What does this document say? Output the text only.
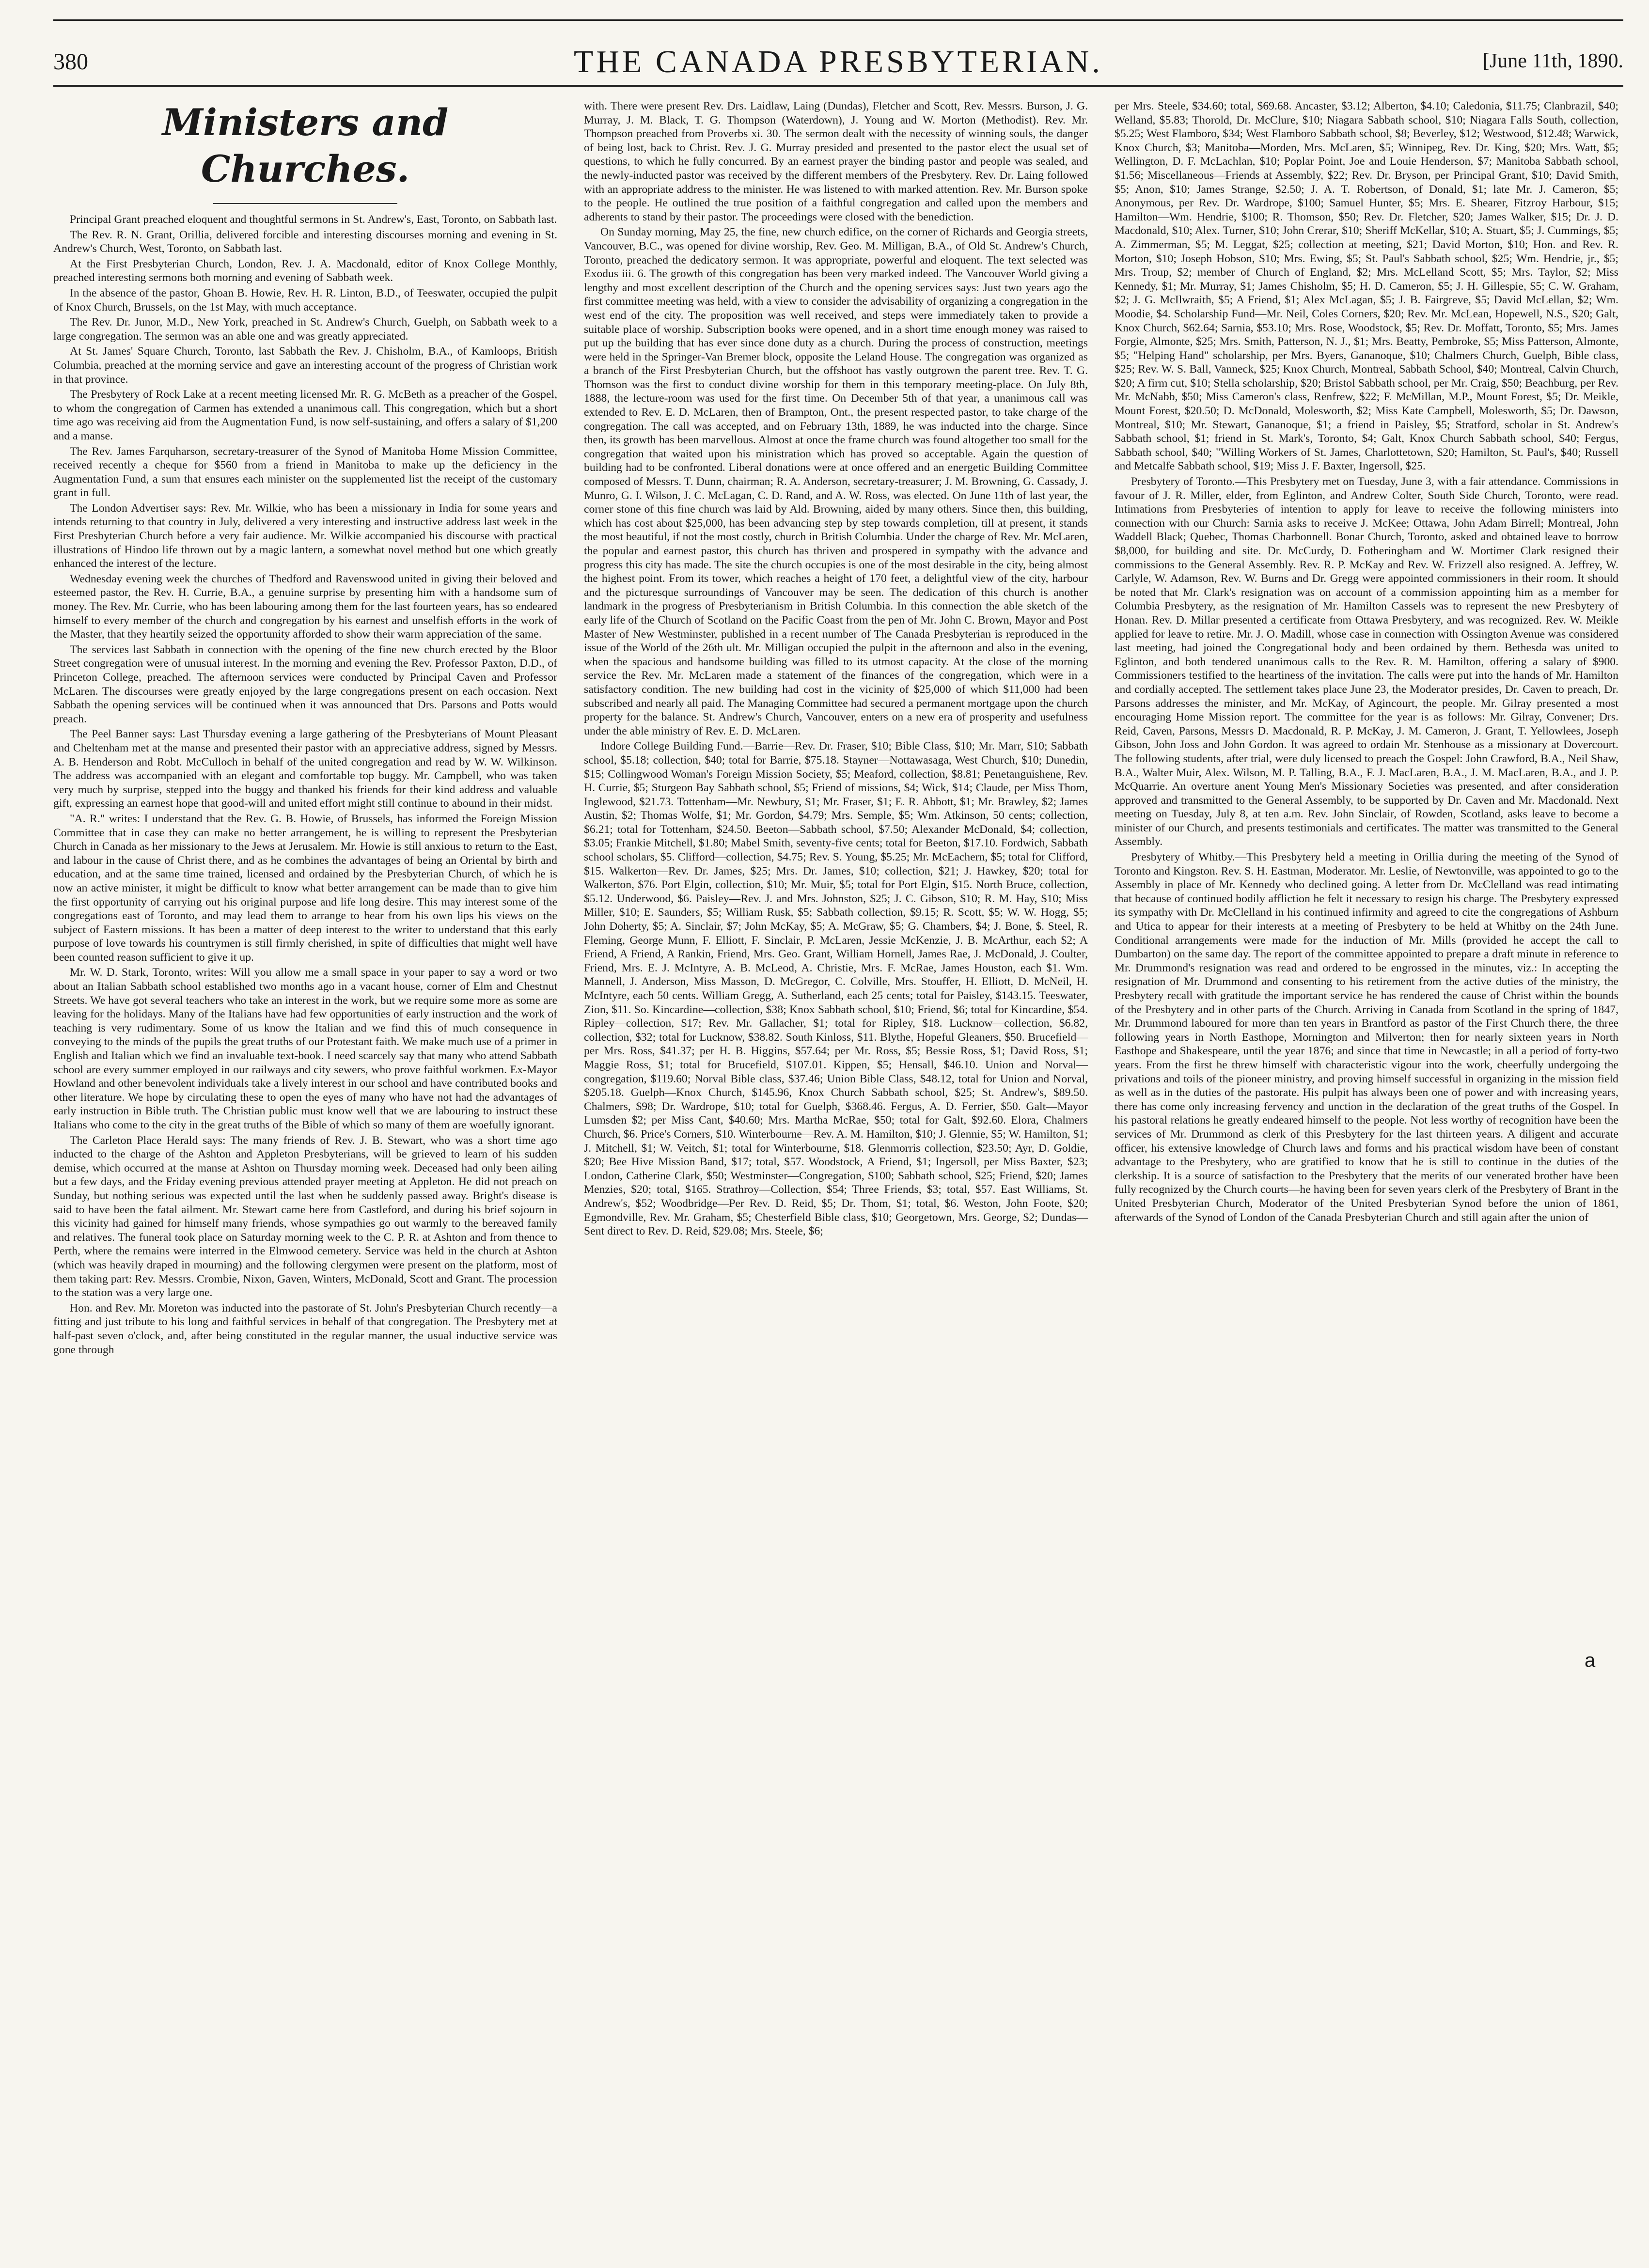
380	THE CANADA PRESBYTERIAN.	[June 11th, 1890.
Ministers and Churches.

Principal Grant preached eloquent and thoughtful sermons in St. Andrew's, East, Toronto, on Sabbath last.

The Rev. R. N. Grant, Orillia, delivered forcible and interesting discourses morning and evening in St. Andrew's Church, West, Toronto, on Sabbath last.

At the First Presbyterian Church, London, Rev. J. A. Macdonald, editor of Knox College Monthly, preached interesting sermons both morning and evening of Sabbath week.

In the absence of the pastor, Ghoan B. Howie, Rev. H. R. Linton, B.D., of Teeswater, occupied the pulpit of Knox Church, Brussels, on the 1st May, with much acceptance.

The Rev. Dr. Junor, M.D., New York, preached in St. Andrew's Church, Guelph, on Sabbath week to a large congregation. The sermon was an able one and was greatly appreciated.

At St. James' Square Church, Toronto, last Sabbath the Rev. J. Chisholm, B.A., of Kamloops, British Columbia, preached at the morning service and gave an interesting account of the progress of Christian work in that province.

The Presbytery of Rock Lake at a recent meeting licensed Mr. R. G. McBeth as a preacher of the Gospel, to whom the congregation of Carmen has extended a unanimous call. This congregation, which but a short time ago was receiving aid from the Augmentation Fund, is now self-sustaining, and offers a salary of $1,200 and a manse.

The Rev. James Farquharson, secretary-treasurer of the Synod of Manitoba Home Mission Committee, received recently a cheque for $560 from a friend in Manitoba to make up the deficiency in the Augmentation Fund, a sum that ensures each minister on the supplemented list the receipt of the customary grant in full.

The London Advertiser says: Rev. Mr. Wilkie, who has been a missionary in India for some years and intends returning to that country in July, delivered a very interesting and instructive address last week in the First Presbyterian Church before a very fair audience. Mr. Wilkie accompanied his discourse with practical illustrations of Hindoo life thrown out by a magic lantern, a somewhat novel method but one which greatly enhanced the interest of the lecture.

Wednesday evening week the churches of Thedford and Ravenswood united in giving their beloved and esteemed pastor, the Rev. H. Currie, B.A., a genuine surprise by presenting him with a handsome sum of money. The Rev. Mr. Currie, who has been labouring among them for the last fourteen years, has so endeared himself to every member of the church and congregation by his earnest and unselfish efforts in the work of the Master, that they heartily seized the opportunity afforded to show their warm appreciation of the same.

The services last Sabbath in connection with the opening of the fine new church erected by the Bloor Street congregation were of unusual interest. In the morning and evening the Rev. Professor Paxton, D.D., of Princeton College, preached. The afternoon services were conducted by Principal Caven and Professor McLaren. The discourses were greatly enjoyed by the large congregations present on each occasion. Next Sabbath the opening services will be continued when it was announced that Drs. Parsons and Potts would preach.

The Peel Banner says: Last Thursday evening a large gathering of the Presbyterians of Mount Pleasant and Cheltenham met at the manse and presented their pastor with an appreciative address, signed by Messrs. A. B. Henderson and Robt. McCulloch in behalf of the united congregation and read by W. W. Wilkinson. The address was accompanied with an elegant and comfortable top buggy. Mr. Campbell, who was taken very much by surprise, stepped into the buggy and thanked his friends for their kind address and valuable gift, expressing an earnest hope that good-will and united effort might still continue to abound in their midst.

"A. R." writes: I understand that the Rev. G. B. Howie, of Brussels, has informed the Foreign Mission Committee that in case they can make no better arrangement, he is willing to represent the Presbyterian Church in Canada as her missionary to the Jews at Jerusalem. Mr. Howie is still anxious to return to the East, and labour in the cause of Christ there, and as he combines the advantages of being an Oriental by birth and education, and at the same time trained, licensed and ordained by the Presbyterian Church, of which he is now an active minister, it might be difficult to know what better arrangement can be made than to give him the first opportunity of carrying out his original purpose and life long desire. This may interest some of the congregations east of Toronto, and may lead them to arrange to hear from his own lips his views on the subject of Eastern missions. It has been a matter of deep interest to the writer to understand that this early purpose of love towards his countrymen is still firmly cherished, in spite of difficulties that might well have been counted reason sufficient to give it up.

Mr. W. D. Stark, Toronto, writes: Will you allow me a small space in your paper to say a word or two about an Italian Sabbath school established two months ago in a vacant house, corner of Elm and Chestnut Streets. We have got several teachers who take an interest in the work, but we require some more as some are leaving for the holidays. Many of the Italians have had few opportunities of early instruction and the work of teaching is very rudimentary. Some of us know the Italian and we find this of much consequence in conveying to the minds of the pupils the great truths of our Protestant faith. We make much use of a primer in English and Italian which we find an invaluable text-book. I need scarcely say that many who attend Sabbath school are every summer employed in our railways and city sewers, who prove faithful workmen. Ex-Mayor Howland and other benevolent individuals take a lively interest in our school and have contributed books and other literature. We hope by circulating these to open the eyes of many who have not had the advantages of early instruction in Bible truth. The Christian public must know well that we are labouring to instruct these Italians who come to the city in the great truths of the Bible of which so many of them are woefully ignorant.

The Carleton Place Herald says: The many friends of Rev. J. B. Stewart, who was a short time ago inducted to the charge of the Ashton and Appleton Presbyterians, will be grieved to learn of his sudden demise, which occurred at the manse at Ashton on Thursday morning week. Deceased had only been ailing but a few days, and the Friday evening previous attended prayer meeting at Appleton. He did not preach on Sunday, but nothing serious was expected until the last when he suddenly passed away. Bright's disease is said to have been the fatal ailment. Mr. Stewart came here from Castleford, and during his brief sojourn in this vicinity had gained for himself many friends, whose sympathies go out warmly to the bereaved family and relatives. The funeral took place on Saturday morning week to the C. P. R. at Ashton and from thence to Perth, where the remains were interred in the Elmwood cemetery. Service was held in the church at Ashton (which was heavily draped in mourning) and the following clergymen were present on the platform, most of them taking part: Rev. Messrs. Crombie, Nixon, Gaven, Winters, McDonald, Scott and Grant. The procession to the station was a very large one.

Hon. and Rev. Mr. Moreton was inducted into the pastorate of St. John's Presbyterian Church recently—a fitting and just tribute to his long and faithful services in behalf of that congregation. The Presbytery met at half-past seven o'clock, and, after being constituted in the regular manner, the usual inductive service was gone through

with. There were present Rev. Drs. Laidlaw, Laing (Dundas), Fletcher and Scott, Rev. Messrs. Burson, J. G. Murray, J. M. Black, T. G. Thompson (Waterdown), J. Young and W. Morton (Methodist). Rev. Mr. Thompson preached from Proverbs xi. 30. The sermon dealt with the necessity of winning souls, the danger of being lost, back to Christ. Rev. J. G. Murray presided and presented to the pastor elect the usual set of questions, to which he fully concurred. By an earnest prayer the binding pastor and people was sealed, and the newly-inducted pastor was received by the different members of the Presbytery. Rev. Dr. Laing followed with an appropriate address to the minister. He was listened to with marked attention. Rev. Mr. Burson spoke to the people. He outlined the true position of a faithful congregation and called upon the members and adherents to stand by their pastor. The proceedings were closed with the benediction.

On Sunday morning, May 25, the fine, new church edifice, on the corner of Richards and Georgia streets, Vancouver, B.C., was opened for divine worship, Rev. Geo. M. Milligan, B.A., of Old St. Andrew's Church, Toronto, preached the dedicatory sermon. It was appropriate, powerful and eloquent. The text selected was Exodus iii. 6. The growth of this congregation has been very marked indeed. The Vancouver World giving a lengthy and most excellent description of the Church and the opening services says: Just two years ago the first committee meeting was held, with a view to consider the advisability of organizing a congregation in the west end of the city. The proposition was well received, and steps were immediately taken to provide a suitable place of worship. Subscription books were opened, and in a short time enough money was raised to put up the building that has ever since done duty as a church. During the process of construction, meetings were held in the Springer-Van Bremer block, opposite the Leland House. The congregation was organized as a branch of the First Presbyterian Church, but the offshoot has vastly outgrown the parent tree. Rev. T. G. Thomson was the first to conduct divine worship for them in this temporary meeting-place. On July 8th, 1888, the lecture-room was used for the first time. On December 5th of that year, a unanimous call was extended to Rev. E. D. McLaren, then of Brampton, Ont., the present respected pastor, to take charge of the congregation. The call was accepted, and on February 13th, 1889, he was inducted into the charge. Since then, its growth has been marvellous. Almost at once the frame church was found altogether too small for the congregation that waited upon his ministration which has proved so acceptable. Again the question of building had to be confronted. Liberal donations were at once offered and an energetic Building Committee composed of Messrs. T. Dunn, chairman; R. A. Anderson, secretary-treasurer; J. M. Browning, G. Cassady, J. Munro, G. I. Wilson, J. C. McLagan, C. D. Rand, and A. W. Ross, was elected. On June 11th of last year, the corner stone of this fine church was laid by Ald. Browning, aided by many others. Since then, this building, which has cost about $25,000, has been advancing step by step towards completion, till at present, it stands the most beautiful, if not the most costly, church in British Columbia. Under the charge of Rev. Mr. McLaren, the popular and earnest pastor, this church has thriven and prospered in sympathy with the advance and progress this city has made. The site the church occupies is one of the most desirable in the city, being almost the highest point. From its tower, which reaches a height of 170 feet, a delightful view of the city, harbour and the picturesque surroundings of Vancouver may be seen. The dedication of this church is another landmark in the progress of Presbyterianism in British Columbia. In this connection the able sketch of the early life of the Church of Scotland on the Pacific Coast from the pen of Mr. John C. Brown, Mayor and Post Master of New Westminster, published in a recent number of The Canada Presbyterian is reproduced in the issue of the World of the 26th ult. Mr. Milligan occupied the pulpit in the afternoon and also in the evening, when the spacious and handsome building was filled to its utmost capacity. At the close of the morning service the Rev. Mr. McLaren made a statement of the finances of the congregation, which were in a satisfactory condition. The new building had cost in the vicinity of $25,000 of which $11,000 had been subscribed and nearly all paid. The Managing Committee had secured a permanent mortgage upon the church property for the balance. St. Andrew's Church, Vancouver, enters on a new era of prosperity and usefulness under the able ministry of Rev. E. D. McLaren.

Indore College Building Fund.—Barrie—Rev. Dr. Fraser, $10; Bible Class, $10; Mr. Marr, $10; Sabbath school, $5.18; collection, $40; total for Barrie, $75.18. Stayner—Nottawasaga, West Church, $10; Dunedin, $15; Collingwood Woman's Foreign Mission Society, $5; Meaford, collection, $8.81; Penetanguishene, Rev. H. Currie, $5; Sturgeon Bay Sabbath school, $5; Friend of missions, $4; Wick, $14; Claude, per Miss Thom, Inglewood, $21.73. Tottenham—Mr. Newbury, $1; Mr. Fraser, $1; E. R. Abbott, $1; Mr. Brawley, $2; James Austin, $2; Thomas Wolfe, $1; Mr. Gordon, $4.79; Mrs. Semple, $5; Wm. Atkinson, 50 cents; collection, $6.21; total for Tottenham, $24.50. Beeton—Sabbath school, $7.50; Alexander McDonald, $4; collection, $3.05; Frankie Mitchell, $1.80; Mabel Smith, seventy-five cents; total for Beeton, $17.10. Fordwich, Sabbath school scholars, $5. Clifford—collection, $4.75; Rev. S. Young, $5.25; Mr. McEachern, $5; total for Clifford, $15. Walkerton—Rev. Dr. James, $25; Mrs. Dr. James, $10; collection, $21; J. Hawkey, $20; total for Walkerton, $76. Port Elgin, collection, $10; Mr. Muir, $5; total for Port Elgin, $15. North Bruce, collection, $5.12. Underwood, $6. Paisley—Rev. J. and Mrs. Johnston, $25; J. C. Gibson, $10; R. M. Hay, $10; Miss Miller, $10; E. Saunders, $5; William Rusk, $5; Sabbath collection, $9.15; R. Scott, $5; W. W. Hogg, $5; John Doherty, $5; A. Sinclair, $7; John McKay, $5; A. McGraw, $5; G. Chambers, $4; J. Bone, $. Steel, R. Fleming, George Munn, F. Elliott, F. Sinclair, P. McLaren, Jessie McKenzie, J. B. McArthur, each $2; A Friend, A Friend, A Rankin, Friend, Mrs. Geo. Grant, William Hornell, James Rae, J. McDonald, J. Coulter, Friend, Mrs. E. J. McIntyre, A. B. McLeod, A. Christie, Mrs. F. McRae, James Houston, each $1. Wm. Mannell, J. Anderson, Miss Masson, D. McGregor, C. Colville, Mrs. Stouffer, H. Elliott, D. McNeil, H. McIntyre, each 50 cents. William Gregg, A. Sutherland, each 25 cents; total for Paisley, $143.15. Teeswater, Zion, $11. So. Kincardine—collection, $38; Knox Sabbath school, $10; Friend, $6; total for Kincardine, $54. Ripley—collection, $17; Rev. Mr. Gallacher, $1; total for Ripley, $18. Lucknow—collection, $6.82, collection, $32; total for Lucknow, $38.82. South Kinloss, $11. Blythe, Hopeful Gleaners, $50. Brucefield—per Mrs. Ross, $41.37; per H. B. Higgins, $57.64; per Mr. Ross, $5; Bessie Ross, $1; David Ross, $1; Maggie Ross, $1; total for Brucefield, $107.01. Kippen, $5; Hensall, $46.10. Union and Norval—congregation, $119.60; Norval Bible class, $37.46; Union Bible Class, $48.12, total for Union and Norval, $205.18. Guelph—Knox Church, $145.96, Knox Church Sabbath school, $25; St. Andrew's, $89.50. Chalmers, $98; Dr. Wardrope, $10; total for Guelph, $368.46. Fergus, A. D. Ferrier, $50. Galt—Mayor Lumsden $2; per Miss Cant, $40.60; Mrs. Martha McRae, $50; total for Galt, $92.60. Elora, Chalmers Church, $6. Price's Corners, $10. Winterbourne—Rev. A. M. Hamilton, $10; J. Glennie, $5; W. Hamilton, $1; J. Mitchell, $1; W. Veitch, $1; total for Winterbourne, $18. Glenmorris collection, $23.50; Ayr, D. Goldie, $20; Bee Hive Mission Band, $17; total, $57. Woodstock, A Friend, $1; Ingersoll, per Miss Baxter, $23; London, Catherine Clark, $50; Westminster—Congregation, $100; Sabbath school, $25; Friend, $20; James Menzies, $20; total, $165. Strathroy—Collection, $54; Three Friends, $3; total, $57. East Williams, St. Andrew's, $52; Woodbridge—Per Rev. D. Reid, $5; Dr. Thom, $1; total, $6. Weston, John Foote, $20; Egmondville, Rev. Mr. Graham, $5; Chesterfield Bible class, $10; Georgetown, Mrs. George, $2; Dundas—Sent direct to Rev. D. Reid, $29.08; Mrs. Steele, $6;

per Mrs. Steele, $34.60; total, $69.68. Ancaster, $3.12; Alberton, $4.10; Caledonia, $11.75; Clanbrazil, $40; Welland, $5.83; Thorold, Dr. McClure, $10; Niagara Sabbath school, $10; Niagara Falls South, collection, $5.25; West Flamboro, $34; West Flamboro Sabbath school, $8; Beverley, $12; Westwood, $12.48; Warwick, Knox Church, $3; Manitoba—Morden, Mrs. McLaren, $5; Winnipeg, Rev. Dr. King, $20; Mrs. Watt, $5; Wellington, D. F. McLachlan, $10; Poplar Point, Joe and Louie Henderson, $7; Manitoba Sabbath school, $1.56; Miscellaneous—Friends at Assembly, $22; Rev. Dr. Bryson, per Principal Grant, $10; David Smith, $5; Anon, $10; James Strange, $2.50; J. A. T. Robertson, of Donald, $1; late Mr. J. Cameron, $5; Anonymous, per Rev. Dr. Wardrope, $100; Samuel Hunter, $5; Mrs. E. Shearer, Fitzroy Harbour, $15; Hamilton—Wm. Hendrie, $100; R. Thomson, $50; Rev. Dr. Fletcher, $20; James Walker, $15; Dr. J. D. Macdonald, $10; Alex. Turner, $10; John Crerar, $10; Sheriff McKellar, $10; A. Stuart, $5; J. Cummings, $5; A. Zimmerman, $5; M. Leggat, $25; collection at meeting, $21; David Morton, $10; Hon. and Rev. R. Morton, $10; Joseph Hobson, $10; Mrs. Ewing, $5; St. Paul's Sabbath school, $25; Wm. Hendrie, jr., $5; Mrs. Troup, $2; member of Church of England, $2; Mrs. McLelland Scott, $5; Mrs. Taylor, $2; Miss Kennedy, $1; Mr. Murray, $1; James Chisholm, $5; H. D. Cameron, $5; J. H. Gillespie, $5; C. W. Graham, $2; J. G. McIlwraith, $5; A Friend, $1; Alex McLagan, $5; J. B. Fairgreve, $5; David McLellan, $2; Wm. Moodie, $4. Scholarship Fund—Mr. Neil, Coles Corners, $20; Rev. Mr. McLean, Hopewell, N.S., $20; Galt, Knox Church, $62.64; Sarnia, $53.10; Mrs. Rose, Woodstock, $5; Rev. Dr. Moffatt, Toronto, $5; Mrs. James Forgie, Almonte, $25; Mrs. Smith, Patterson, N. J., $1; Mrs. Beatty, Pembroke, $5; Miss Patterson, Almonte, $5; "Helping Hand" scholarship, per Mrs. Byers, Gananoque, $10; Chalmers Church, Guelph, Bible class, $25; Rev. W. S. Ball, Vanneck, $25; Knox Church, Montreal, Sabbath School, $40; Montreal, Calvin Church, $20; A firm cut, $10; Stella scholarship, $20; Bristol Sabbath school, per Mr. Craig, $50; Beachburg, per Rev. Mr. McNabb, $50; Miss Cameron's class, Renfrew, $22; F. McMillan, M.P., Mount Forest, $5; Dr. Meikle, Mount Forest, $20.50; D. McDonald, Molesworth, $2; Miss Kate Campbell, Molesworth, $5; Dr. Dawson, Montreal, $10; Mr. Stewart, Gananoque, $1; a friend in Paisley, $5; Stratford, scholar in St. Andrew's Sabbath school, $1; friend in St. Mark's, Toronto, $4; Galt, Knox Church Sabbath school, $40; Fergus, Sabbath school, $40; "Willing Workers of St. James, Charlottetown, $20; Hamilton, St. Paul's, $40; Russell and Metcalfe Sabbath school, $19; Miss J. F. Baxter, Ingersoll, $25.

Presbytery of Toronto.—This Presbytery met on Tuesday, June 3, with a fair attendance. Commissions in favour of J. R. Miller, elder, from Eglinton, and Andrew Colter, South Side Church, Toronto, were read. Intimations from Presbyteries of intention to apply for leave to receive the following ministers into connection with our Church: Sarnia asks to receive J. McKee; Ottawa, John Adam Birrell; Montreal, John Waddell Black; Quebec, Thomas Charbonnell. Bonar Church, Toronto, asked and obtained leave to borrow $8,000, for building and site. Dr. McCurdy, D. Fotheringham and W. Mortimer Clark resigned their commissions to the General Assembly. Rev. R. P. McKay and Rev. W. Frizzell also resigned. A. Jeffrey, W. Carlyle, W. Adamson, Rev. W. Burns and Dr. Gregg were appointed commissioners in their room. It should be noted that Mr. Clark's resignation was on account of a commission appointing him as a member for Columbia Presbytery, as the resignation of Mr. Hamilton Cassels was to represent the new Presbytery of Honan. Rev. D. Millar presented a certificate from Ottawa Presbytery, and was recognized. Rev. W. Meikle applied for leave to retire. Mr. J. O. Madill, whose case in connection with Ossington Avenue was considered last meeting, had joined the Congregational body and been ordained by them. Bethesda was united to Eglinton, and both tendered unanimous calls to the Rev. R. M. Hamilton, offering a salary of $900. Commissioners testified to the heartiness of the invitation. The calls were put into the hands of Mr. Hamilton and cordially accepted. The settlement takes place June 23, the Moderator presides, Dr. Caven to preach, Dr. Parsons addresses the minister, and Mr. McKay, of Agincourt, the people. Mr. Gilray presented a most encouraging Home Mission report. The committee for the year is as follows: Mr. Gilray, Convener; Drs. Reid, Caven, Parsons, Messrs D. Macdonald, R. P. McKay, J. M. Cameron, J. Grant, T. Yellowlees, Joseph Gibson, John Joss and John Gordon. It was agreed to ordain Mr. Stenhouse as a missionary at Dovercourt. The following students, after trial, were duly licensed to preach the Gospel: John Crawford, B.A., Neil Shaw, B.A., Walter Muir, Alex. Wilson, M. P. Talling, B.A., F. J. MacLaren, B.A., J. M. MacLaren, B.A., and J. P. McQuarrie. An overture anent Young Men's Missionary Societies was presented, and after consideration approved and transmitted to the General Assembly, to be supported by Dr. Caven and Mr. Macdonald. Next meeting on Tuesday, July 8, at ten a.m. Rev. John Sinclair, of Rowden, Scotland, asks leave to become a minister of our Church, and presents testimonials and certificates. The matter was transmitted to the General Assembly.

Presbytery of Whitby.—This Presbytery held a meeting in Orillia during the meeting of the Synod of Toronto and Kingston. Rev. S. H. Eastman, Moderator. Mr. Leslie, of Newtonville, was appointed to go to the Assembly in place of Mr. Kennedy who declined going. A letter from Dr. McClelland was read intimating that because of continued bodily affliction he felt it necessary to resign his charge. The Presbytery expressed its sympathy with Dr. McClelland in his continued infirmity and agreed to cite the congregations of Ashburn and Utica to appear for their interests at a meeting of Presbytery to be held at Whitby on the 24th June. Conditional arrangements were made for the induction of Mr. Mills (provided he accept the call to Dumbarton) on the same day. The report of the committee appointed to prepare a draft minute in reference to Mr. Drummond's resignation was read and ordered to be engrossed in the minutes, viz.: In accepting the resignation of Mr. Drummond and consenting to his retirement from the active duties of the ministry, the Presbytery recall with gratitude the important service he has rendered the cause of Christ within the bounds of the Presbytery and in other parts of the Church. Arriving in Canada from Scotland in the spring of 1847, Mr. Drummond laboured for more than ten years in Brantford as pastor of the First Church there, the three following years in North Easthope, Mornington and Milverton; then for nearly sixteen years in North Easthope and Shakespeare, until the year 1876; and since that time in Newcastle; in all a period of forty-two years. From the first he threw himself with characteristic vigour into the work, cheerfully undergoing the privations and toils of the pioneer ministry, and proving himself successful in organizing in the mission field as well as in the duties of the pastorate. His pulpit has always been one of power and with increasing years, there has come only increasing fervency and unction in the declaration of the great truths of the Gospel. In his pastoral relations he greatly endeared himself to the people. Not less worthy of recognition have been the services of Mr. Drummond as clerk of this Presbytery for the last thirteen years. A diligent and accurate officer, his extensive knowledge of Church laws and forms and his practical wisdom have been of constant advantage to the Presbytery, who are gratified to know that he is still to continue in the duties of the clerkship. It is a source of satisfaction to the Presbytery that the merits of our venerated brother have been fully recognized by the Church courts—he having been for seven years clerk of the Presbytery of Brant in the United Presbyterian Church, Moderator of the United Presbyterian Synod before the union of 1861, afterwards of the Synod of London of the Canada Presbyterian Church and still again after the union of

a
